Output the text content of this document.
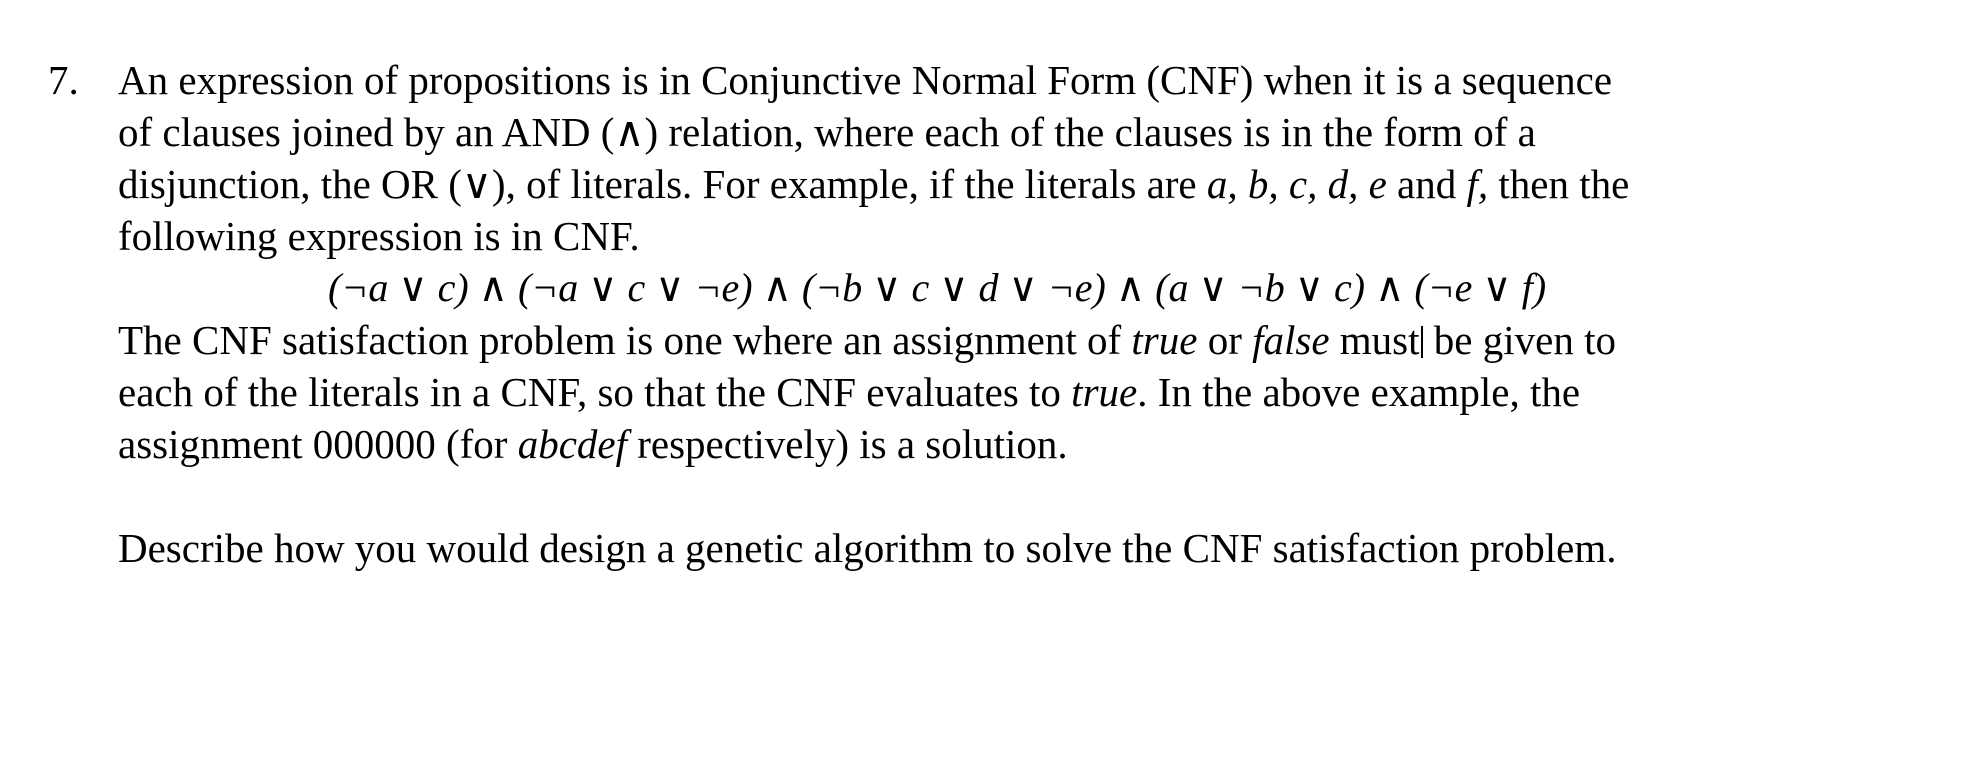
7. An expression of propositions is in Conjunctive Normal Form (CNF) when it is a sequence
of clauses joined by an AND (∧) relation, where each of the clauses is in the form of a
disjunction, the OR (∨), of literals. For example, if the literals are a, b, c, d, e and f, then the
following expression is in CNF.
(¬a ∨ c) ∧ (¬a ∨ c ∨ ¬e) ∧ (¬b ∨ c ∨ d ∨ ¬e) ∧ (a ∨ ¬b ∨ c) ∧ (¬e ∨ f)
The CNF satisfaction problem is one where an assignment of true or false must be given to
each of the literals in a CNF, so that the CNF evaluates to true. In the above example, the
assignment 000000 (for abcdef respectively) is a solution.
Describe how you would design a genetic algorithm to solve the CNF satisfaction problem.
